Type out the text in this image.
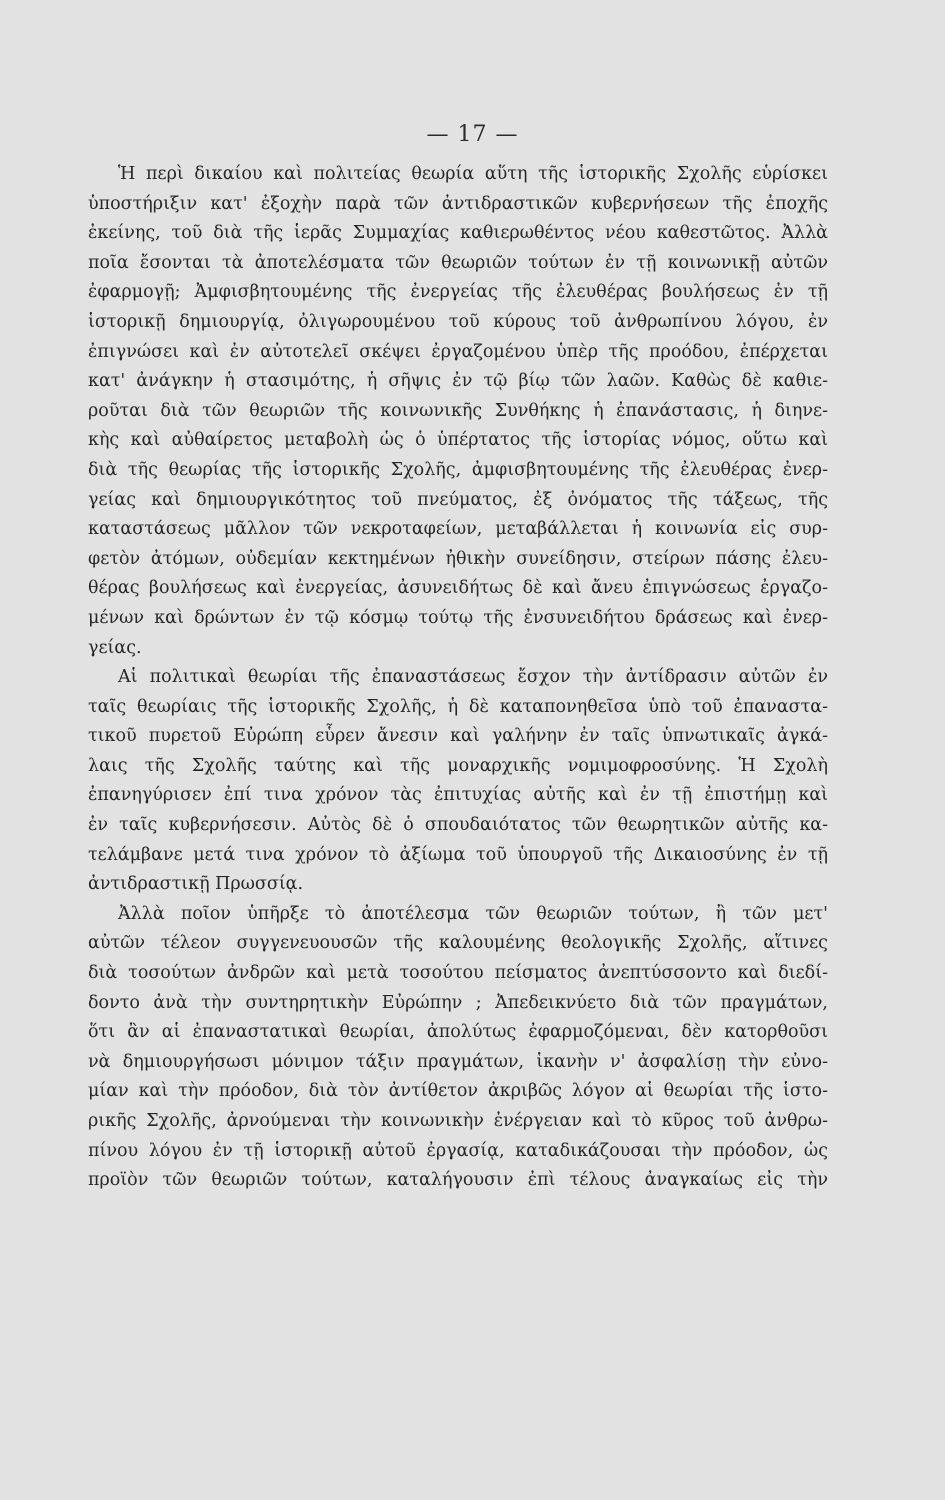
— 17 —
Ἡ περὶ δικαίου καὶ πολιτείας θεωρία αὕτη τῆς ἱστορικῆς Σχολῆς εὑρίσκει
ὑποστήριξιν κατ' ἐξοχὴν παρὰ τῶν ἀντιδραστικῶν κυβερνήσεων τῆς ἐποχῆς
ἐκείνης, τοῦ διὰ τῆς ἱερᾶς Συμμαχίας καθιερωθέντος νέου καθεστῶτος. Ἀλλὰ
ποῖα ἔσονται τὰ ἀποτελέσματα τῶν θεωριῶν τούτων ἐν τῇ κοινωνικῇ αὐτῶν
ἐφαρμογῇ; Ἀμφισβητουμένης τῆς ἐνεργείας τῆς ἐλευθέρας βουλήσεως ἐν τῇ
ἱστορικῇ δημιουργίᾳ, ὀλιγωρουμένου τοῦ κύρους τοῦ ἀνθρωπίνου λόγου, ἐν
ἐπιγνώσει καὶ ἐν αὐτοτελεῖ σκέψει ἐργαζομένου ὑπὲρ τῆς προόδου, ἐπέρχεται
κατ' ἀνάγκην ἡ στασιμότης, ἡ σῆψις ἐν τῷ βίῳ τῶν λαῶν. Καθὼς δὲ καθιε-
ροῦται διὰ τῶν θεωριῶν τῆς κοινωνικῆς Συνθήκης ἡ ἐπανάστασις, ἡ διηνε-
κὴς καὶ αὐθαίρετος μεταβολὴ ὡς ὁ ὑπέρτατος τῆς ἱστορίας νόμος, οὕτω καὶ
διὰ τῆς θεωρίας τῆς ἱστορικῆς Σχολῆς, ἀμφισβητουμένης τῆς ἐλευθέρας ἐνερ-
γείας καὶ δημιουργικότητος τοῦ πνεύματος, ἐξ ὀνόματος τῆς τάξεως, τῆς
καταστάσεως μᾶλλον τῶν νεκροταφείων, μεταβάλλεται ἡ κοινωνία εἰς συρ-
φετὸν ἀτόμων, οὐδεμίαν κεκτημένων ἠθικὴν συνείδησιν, στείρων πάσης ἐλευ-
θέρας βουλήσεως καὶ ἐνεργείας, ἀσυνειδήτως δὲ καὶ ἄνευ ἐπιγνώσεως ἐργαζο-
μένων καὶ δρώντων ἐν τῷ κόσμῳ τούτῳ τῆς ἐνσυνειδήτου δράσεως καὶ ἐνερ-
γείας.
Αἱ πολιτικαὶ θεωρίαι τῆς ἐπαναστάσεως ἔσχον τὴν ἀντίδρασιν αὐτῶν ἐν
ταῖς θεωρίαις τῆς ἱστορικῆς Σχολῆς, ἡ δὲ καταπονηθεῖσα ὑπὸ τοῦ ἐπαναστα-
τικοῦ πυρετοῦ Εὐρώπη εὗρεν ἄνεσιν καὶ γαλήνην ἐν ταῖς ὑπνωτικαῖς ἀγκά-
λαις τῆς Σχολῆς ταύτης καὶ τῆς μοναρχικῆς νομιμοφροσύνης. Ἡ Σχολὴ
ἐπανηγύρισεν ἐπί τινα χρόνον τὰς ἐπιτυχίας αὐτῆς καὶ ἐν τῇ ἐπιστήμῃ καὶ
ἐν ταῖς κυβερνήσεσιν. Αὐτὸς δὲ ὁ σπουδαιότατος τῶν θεωρητικῶν αὐτῆς κα-
τελάμβανε μετά τινα χρόνον τὸ ἀξίωμα τοῦ ὑπουργοῦ τῆς Δικαιοσύνης ἐν τῇ
ἀντιδραστικῇ Πρωσσίᾳ.
Ἀλλὰ ποῖον ὑπῆρξε τὸ ἀποτέλεσμα τῶν θεωριῶν τούτων, ἢ τῶν μετ'
αὐτῶν τέλεον συγγενευουσῶν τῆς καλουμένης θεολογικῆς Σχολῆς, αἵτινες
διὰ τοσούτων ἀνδρῶν καὶ μετὰ τοσούτου πείσματος ἀνεπτύσσοντο καὶ διεδί-
δοντο ἀνὰ τὴν συντηρητικὴν Εὐρώπην ; Ἀπεδεικνύετο διὰ τῶν πραγμάτων,
ὅτι ἂν αἱ ἐπαναστατικαὶ θεωρίαι, ἀπολύτως ἐφαρμοζόμεναι, δὲν κατορθοῦσι
νὰ δημιουργήσωσι μόνιμον τάξιν πραγμάτων, ἱκανὴν ν' ἀσφαλίσῃ τὴν εὐνο-
μίαν καὶ τὴν πρόοδον, διὰ τὸν ἀντίθετον ἀκριβῶς λόγον αἱ θεωρίαι τῆς ἱστο-
ρικῆς Σχολῆς, ἀρνούμεναι τὴν κοινωνικὴν ἐνέργειαν καὶ τὸ κῦρος τοῦ ἀνθρω-
πίνου λόγου ἐν τῇ ἱστορικῇ αὐτοῦ ἐργασίᾳ, καταδικάζουσαι τὴν πρόοδον, ὡς
προϊὸν τῶν θεωριῶν τούτων, καταλήγουσιν ἐπὶ τέλους ἀναγκαίως εἰς τὴν
